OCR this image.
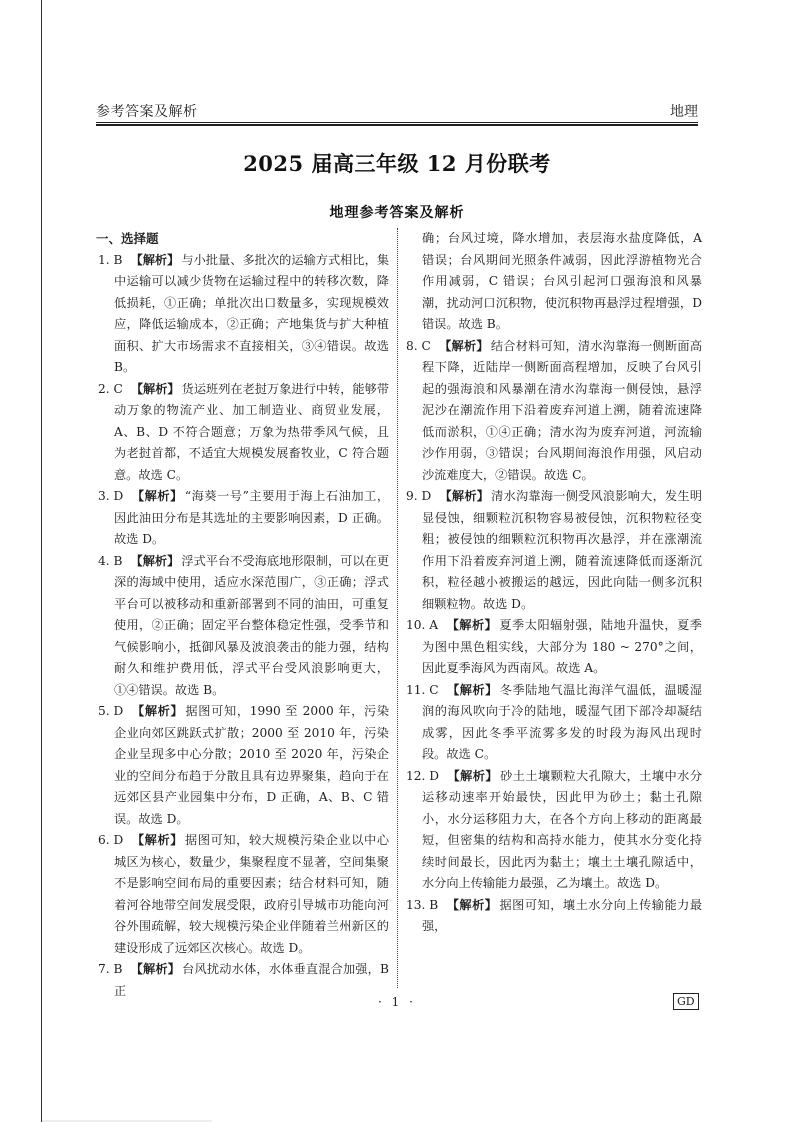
参考答案及解析	地理
2025 届高三年级 12 月份联考
地理参考答案及解析
一、选择题
1. B 【解析】 与小批量、多批次的运输方式相比，集中运输可以减少货物在运输过程中的转移次数，降低损耗，①正确；单批次出口数量多，实现规模效应，降低运输成本，②正确；产地集货与扩大种植面积、扩大市场需求不直接相关，③④错误。故选 B。
2. C 【解析】 货运班列在老挝万象进行中转，能够带动万象的物流产业、加工制造业、商贸业发展，A、B、D 不符合题意；万象为热带季风气候，且为老挝首都，不适宜大规模发展畜牧业，C 符合题意。故选 C。
3. D 【解析】 “海葵一号”主要用于海上石油加工，因此油田分布是其选址的主要影响因素，D 正确。故选 D。
4. B 【解析】 浮式平台不受海底地形限制，可以在更深的海域中使用，适应水深范围广，③正确；浮式平台可以被移动和重新部署到不同的油田，可重复使用，②正确；固定平台整体稳定性强，受季节和气候影响小，抵御风暴及波浪袭击的能力强，结构耐久和维护费用低，浮式平台受风浪影响更大，①④错误。故选 B。
5. D 【解析】 据图可知，1990 至 2000 年，污染企业向郊区跳跃式扩散；2000 至 2010 年，污染企业呈现多中心分散；2010 至 2020 年，污染企业的空间分布趋于分散且具有边界聚集，趋向于在远郊区县产业园集中分布，D 正确，A、B、C 错误。故选 D。
6. D 【解析】 据图可知，较大规模污染企业以中心城区为核心，数量少，集聚程度不显著，空间集聚不是影响空间布局的重要因素；结合材料可知，随着河谷地带空间发展受限，政府引导城市功能向河谷外围疏解，较大规模污染企业伴随着兰州新区的建设形成了远郊区次核心。故选 D。
7. B 【解析】 台风扰动水体，水体垂直混合加强，B 正
确；台风过境，降水增加，表层海水盐度降低，A 错误；台风期间光照条件减弱，因此浮游植物光合作用减弱，C 错误；台风引起河口强海浪和风暴潮，扰动河口沉积物，使沉积物再悬浮过程增强，D 错误。故选 B。
8. C 【解析】 结合材料可知，清水沟靠海一侧断面高程下降，近陆岸一侧断面高程增加，反映了台风引起的强海浪和风暴潮在清水沟靠海一侧侵蚀，悬浮泥沙在潮流作用下沿着废弃河道上溯，随着流速降低而淤积，①④正确；清水沟为废弃河道，河流输沙作用弱，③错误；台风期间海浪作用强，风启动沙流难度大，②错误。故选 C。
9. D 【解析】 清水沟靠海一侧受风浪影响大，发生明显侵蚀，细颗粒沉积物容易被侵蚀，沉积物粒径变粗；被侵蚀的细颗粒沉积物再次悬浮，并在涨潮流作用下沿着废弃河道上溯，随着流速降低而逐渐沉积，粒径越小被搬运的越远，因此向陆一侧多沉积细颗粒物。故选 D。
10. A 【解析】 夏季太阳辐射强，陆地升温快，夏季为图中黑色粗实线，大部分为 180 ~ 270°之间，因此夏季海风为西南风。故选 A。
11. C 【解析】 冬季陆地气温比海洋气温低，温暖湿润的海风吹向于冷的陆地，暖湿气团下部冷却凝结成雾，因此冬季平流雾多发的时段为海风出现时段。故选 C。
12. D 【解析】 砂土土壤颗粒大孔隙大，土壤中水分运移动速率开始最快，因此甲为砂土；黏土孔隙小，水分运移阻力大，在各个方向上移动的距离最短，但密集的结构和高持水能力，使其水分变化持续时间最长，因此丙为黏土；壤土土壤孔隙适中，水分向上传输能力最强，乙为壤土。故选 D。
13. B 【解析】 据图可知，壤土水分向上传输能力最强，
· 1 ·	GD
